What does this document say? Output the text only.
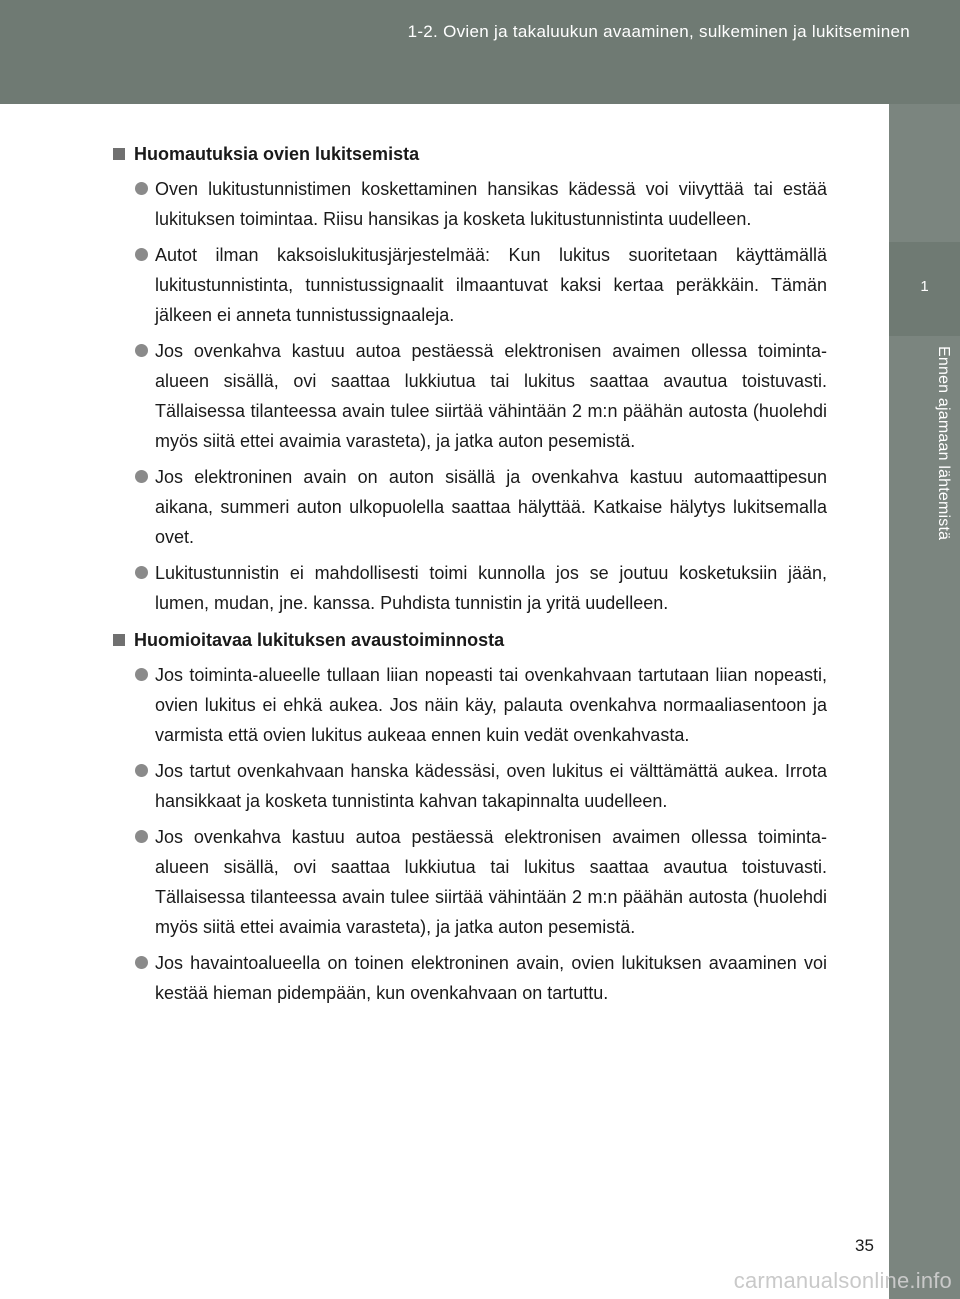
1-2. Ovien ja takaluukun avaaminen, sulkeminen ja lukitseminen
1
Ennen ajamaan lähtemistä
Huomautuksia ovien lukitsemista
Oven lukitustunnistimen koskettaminen hansikas kädessä voi viivyttää tai estää lukituksen toimintaa. Riisu hansikas ja kosketa lukitustunnistinta uudelleen.
Autot ilman kaksoislukitusjärjestelmää: Kun lukitus suoritetaan käyttämällä lukitustunnistinta, tunnistussignaalit ilmaantuvat kaksi kertaa peräkkäin. Tämän jälkeen ei anneta tunnistussignaaleja.
Jos ovenkahva kastuu autoa pestäessä elektronisen avaimen ollessa toiminta-alueen sisällä, ovi saattaa lukkiutua tai lukitus saattaa avautua toistuvasti. Tällaisessa tilanteessa avain tulee siirtää vähintään 2 m:n päähän autosta (huolehdi myös siitä ettei avaimia varasteta), ja jatka auton pesemistä.
Jos elektroninen avain on auton sisällä ja ovenkahva kastuu automaattipesun aikana, summeri auton ulkopuolella saattaa hälyttää. Katkaise hälytys lukitsemalla ovet.
Lukitustunnistin ei mahdollisesti toimi kunnolla jos se joutuu kosketuksiin jään, lumen, mudan, jne. kanssa. Puhdista tunnistin ja yritä uudelleen.
Huomioitavaa lukituksen avaustoiminnosta
Jos toiminta-alueelle tullaan liian nopeasti tai ovenkahvaan tartutaan liian nopeasti, ovien lukitus ei ehkä aukea. Jos näin käy, palauta ovenkahva normaaliasentoon ja varmista että ovien lukitus aukeaa ennen kuin vedät ovenkahvasta.
Jos tartut ovenkahvaan hanska kädessäsi, oven lukitus ei välttämättä aukea. Irrota hansikkaat ja kosketa tunnistinta kahvan takapinnalta uudelleen.
Jos ovenkahva kastuu autoa pestäessä elektronisen avaimen ollessa toiminta-alueen sisällä, ovi saattaa lukkiutua tai lukitus saattaa avautua toistuvasti. Tällaisessa tilanteessa avain tulee siirtää vähintään 2 m:n päähän autosta (huolehdi myös siitä ettei avaimia varasteta), ja jatka auton pesemistä.
Jos havaintoalueella on toinen elektroninen avain, ovien lukituksen avaaminen voi kestää hieman pidempään, kun ovenkahvaan on tartuttu.
35
carmanualsonline.info
